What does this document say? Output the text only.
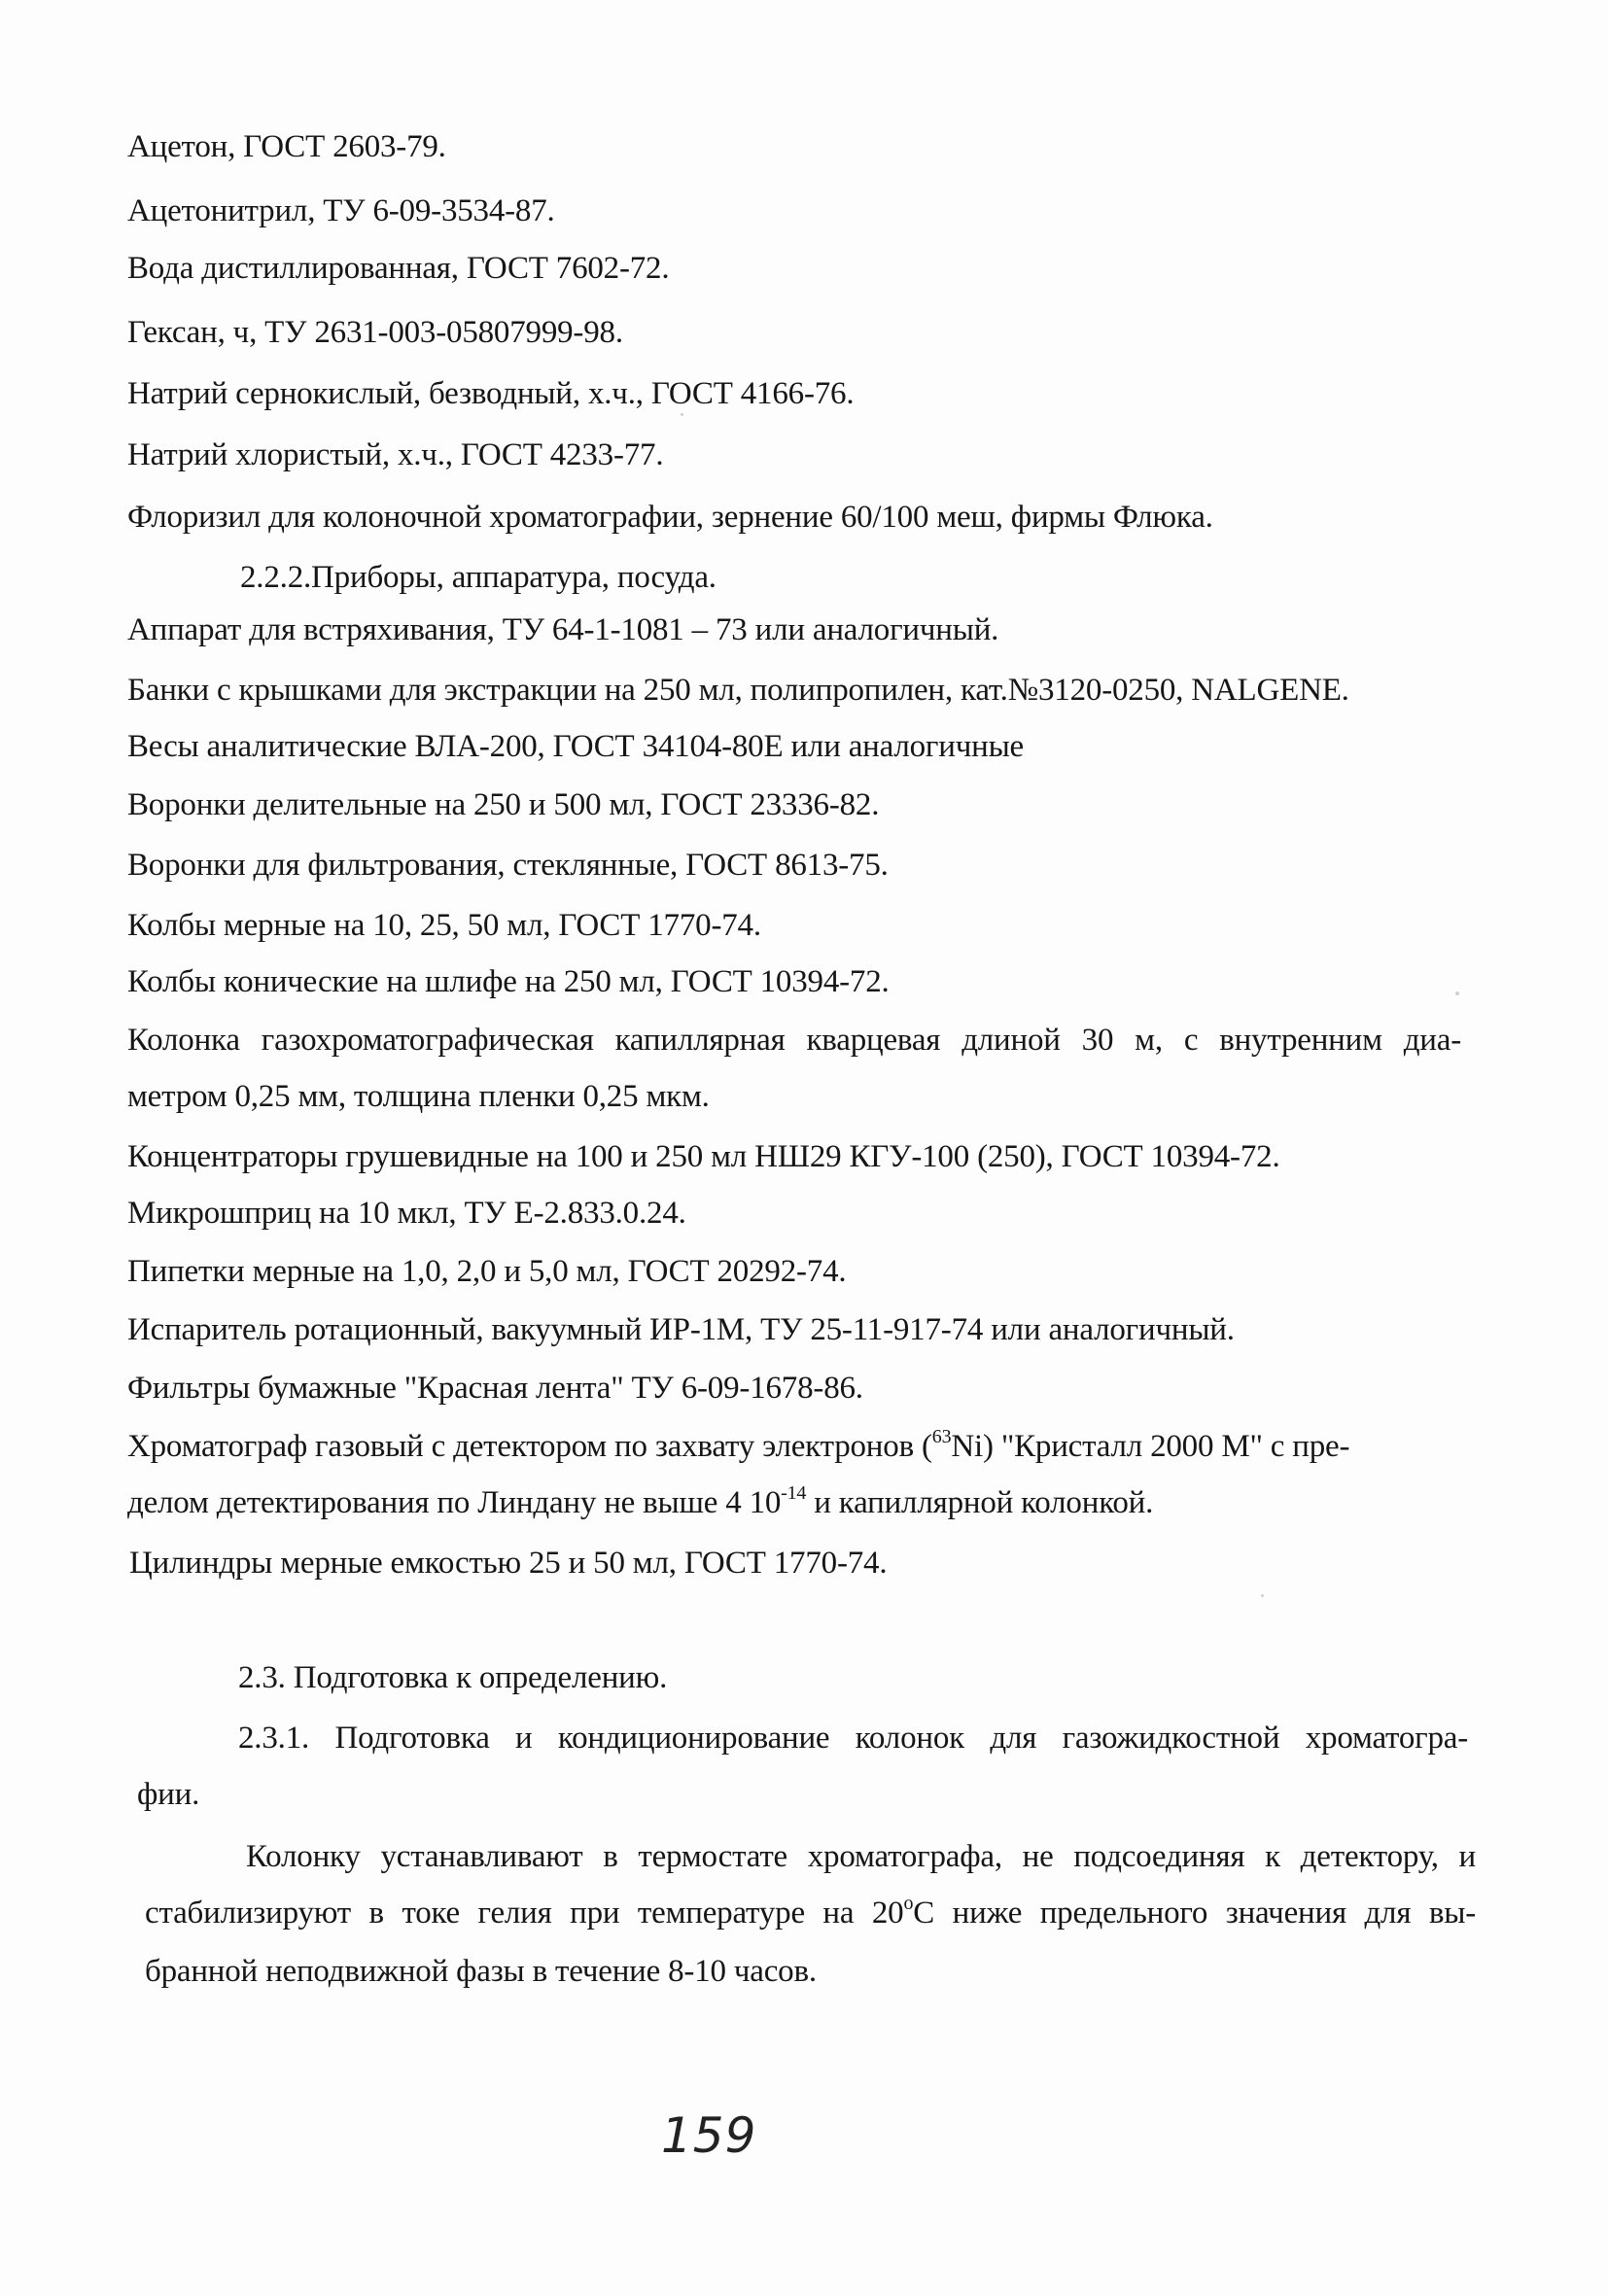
Ацетон, ГОСТ 2603-79.
Ацетонитрил, ТУ 6-09-3534-87.
Вода дистиллированная, ГОСТ 7602-72.
Гексан, ч, ТУ 2631-003-05807999-98.
Натрий сернокислый, безводный, х.ч., ГОСТ 4166-76.
Натрий хлористый, х.ч., ГОСТ 4233-77.
Флоризил для колоночной хроматографии, зернение 60/100 меш, фирмы Флюка.
2.2.2.Приборы, аппаратура, посуда.
Аппарат для встряхивания, ТУ 64-1-1081 – 73 или аналогичный.
Банки с крышками для экстракции на 250 мл, полипропилен, кат.№3120-0250, NALGENE.
Весы аналитические ВЛА-200, ГОСТ 34104-80Е или аналогичные
Воронки делительные на 250 и 500 мл, ГОСТ 23336-82.
Воронки для фильтрования, стеклянные, ГОСТ 8613-75.
Колбы мерные на 10, 25, 50 мл, ГОСТ 1770-74.
Колбы конические на шлифе на 250 мл, ГОСТ 10394-72.
Колонка газохроматографическая капиллярная кварцевая длиной 30 м, с внутренним диа-
метром 0,25 мм, толщина пленки 0,25 мкм.
Концентраторы грушевидные на 100 и 250 мл НШ29 КГУ-100 (250), ГОСТ 10394-72.
Микрошприц на 10 мкл, ТУ Е-2.833.0.24.
Пипетки мерные на 1,0, 2,0 и 5,0 мл, ГОСТ 20292-74.
Испаритель ротационный, вакуумный ИР-1М, ТУ 25-11-917-74 или аналогичный.
Фильтры бумажные "Красная лента" ТУ 6-09-1678-86.
Хроматограф газовый с детектором по захвату электронов ($^{63}$Ni) "Кристалл 2000 М" с пре-
делом детектирования по Линдану не выше 4 $10^{-14}$ и капиллярной колонкой.
Цилиндры мерные емкостью 25 и 50 мл, ГОСТ 1770-74.
2.3. Подготовка к определению.
2.3.1. Подготовка и кондиционирование колонок для газожидкостной хроматогра-
фии.
Колонку устанавливают в термостате хроматографа, не подсоединяя к детектору, и
стабилизируют в токе гелия при температуре на $20^оС$ ниже предельного значения для вы-
бранной неподвижной фазы в течение 8-10 часов.
159
